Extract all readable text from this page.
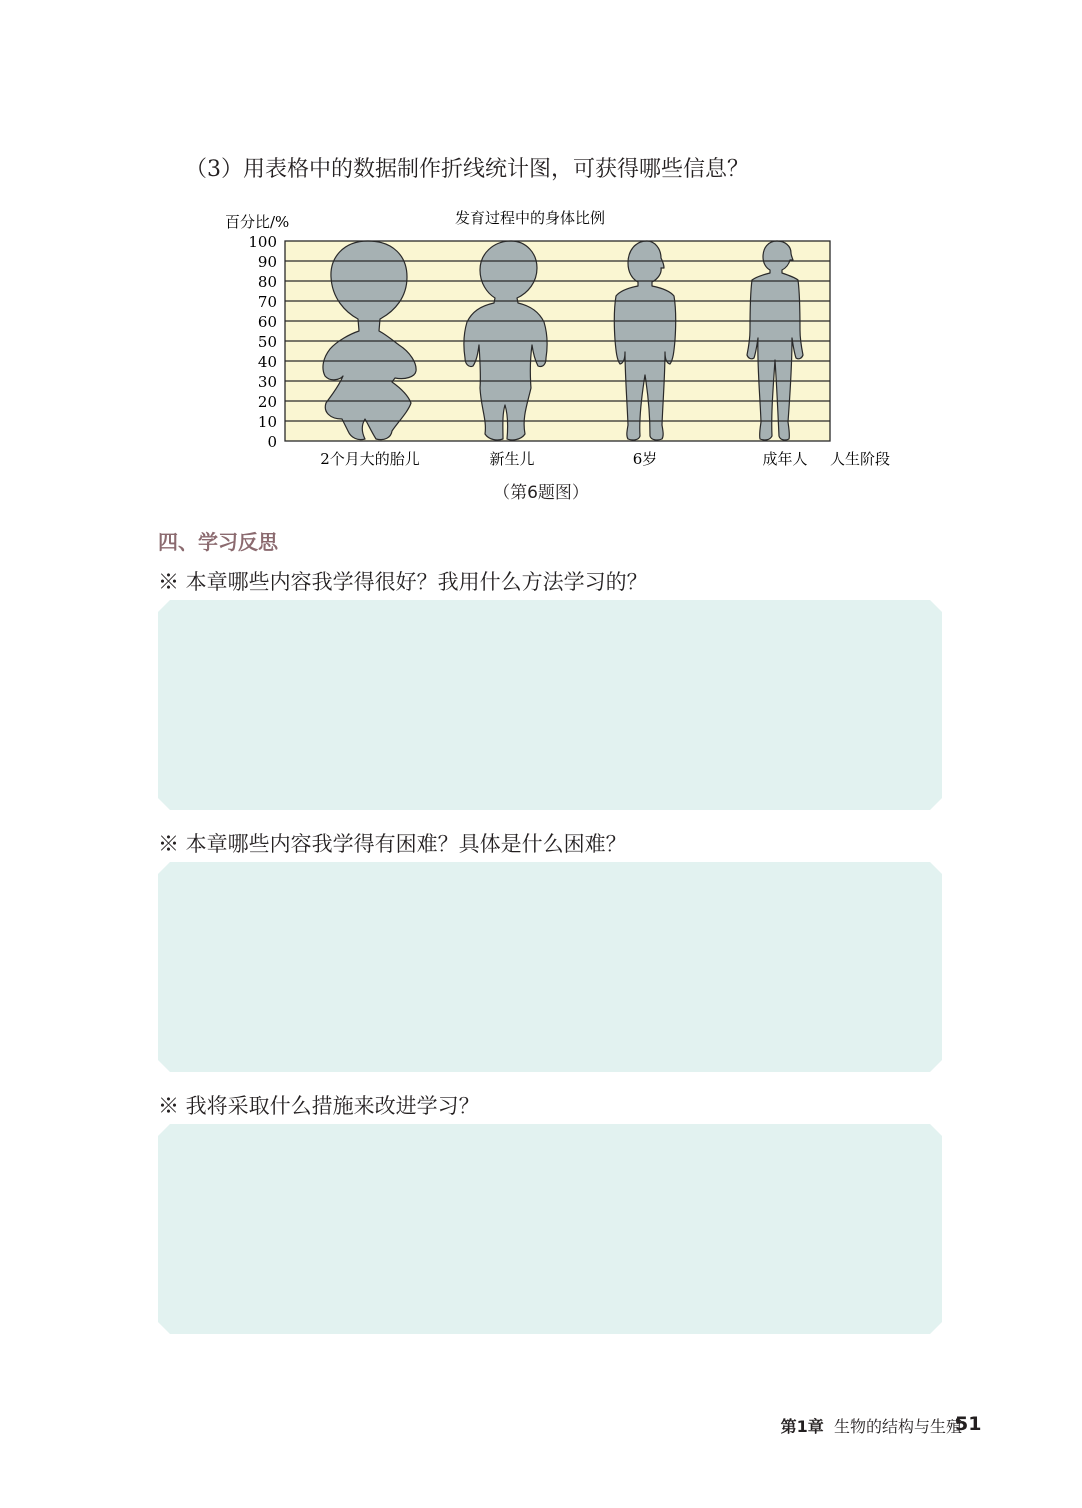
（3）用表格中的数据制作折线统计图，可获得哪些信息？
发育过程中的身体比例
百分比/%
人生阶段
0
10
20
30
40
50
60
70
80
90
100
2个月大的胎儿	新生儿	6岁	成年人
（第6题图）
四、学习反思
※ 本章哪些内容我学得很好？我用什么方法学习的？
※ 本章哪些内容我学得有困难？具体是什么困难？
※ 我将采取什么措施来改进学习？
第1章 生物的结构与生殖
51
